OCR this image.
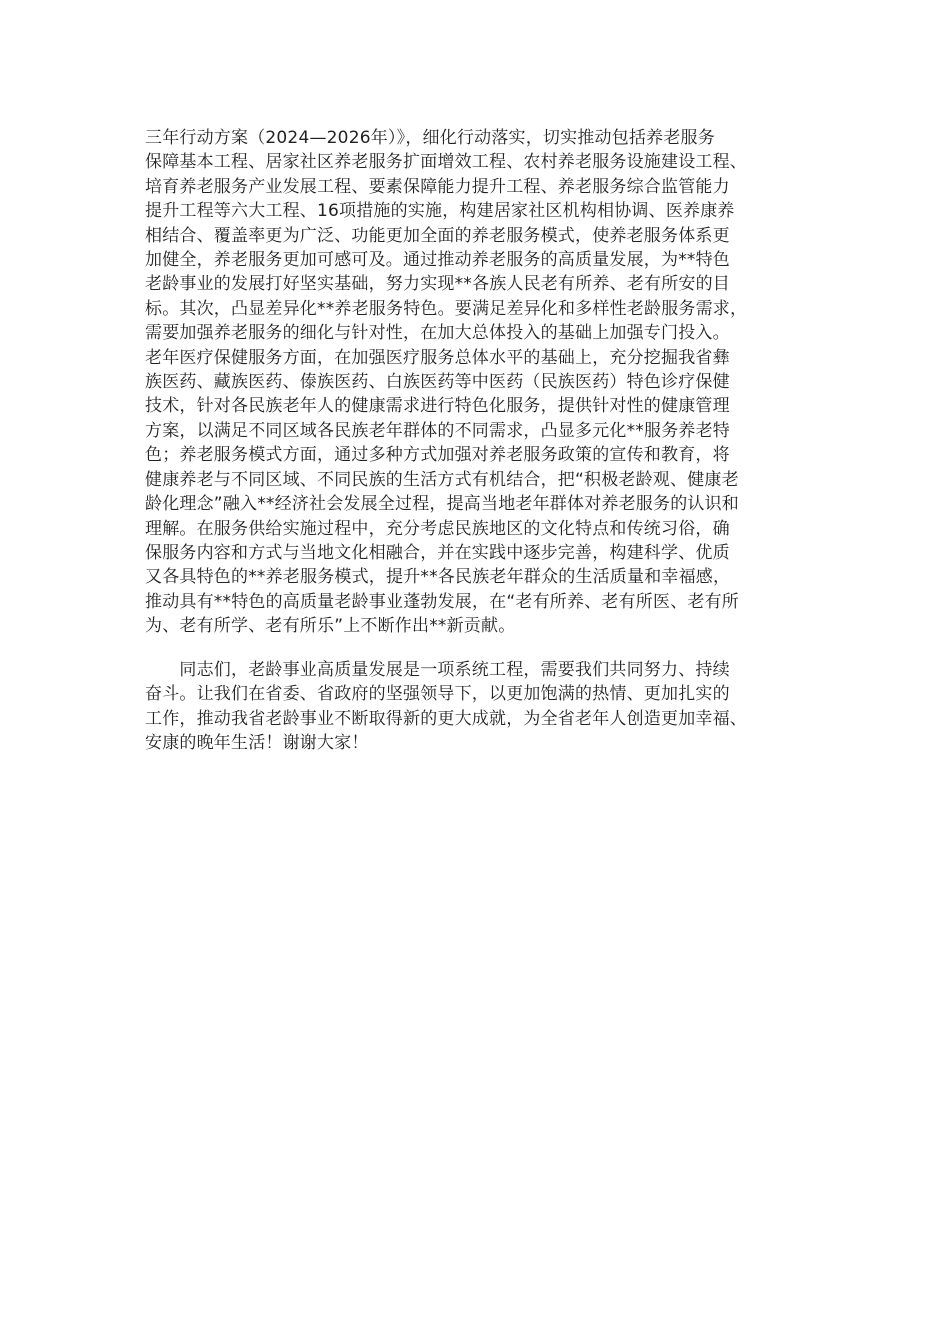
三年行动方案（2024—2026年）》，细化行动落实，切实推动包括养老服务
保障基本工程、居家社区养老服务扩面增效工程、农村养老服务设施建设工程、
培育养老服务产业发展工程、要素保障能力提升工程、养老服务综合监管能力
提升工程等六大工程、16项措施的实施，构建居家社区机构相协调、医养康养
相结合、覆盖率更为广泛、功能更加全面的养老服务模式，使养老服务体系更
加健全，养老服务更加可感可及。通过推动养老服务的高质量发展，为**特色
老龄事业的发展打好坚实基础，努力实现**各族人民老有所养、老有所安的目
标。其次，凸显差异化**养老服务特色。要满足差异化和多样性老龄服务需求，
需要加强养老服务的细化与针对性，在加大总体投入的基础上加强专门投入。
老年医疗保健服务方面，在加强医疗服务总体水平的基础上，充分挖掘我省彝
族医药、藏族医药、傣族医药、白族医药等中医药（民族医药）特色诊疗保健
技术，针对各民族老年人的健康需求进行特色化服务，提供针对性的健康管理
方案，以满足不同区域各民族老年群体的不同需求，凸显多元化**服务养老特
色；养老服务模式方面，通过多种方式加强对养老服务政策的宣传和教育，将
健康养老与不同区域、不同民族的生活方式有机结合，把“积极老龄观、健康老
龄化理念”融入**经济社会发展全过程，提高当地老年群体对养老服务的认识和
理解。在服务供给实施过程中，充分考虑民族地区的文化特点和传统习俗，确
保服务内容和方式与当地文化相融合，并在实践中逐步完善，构建科学、优质
又各具特色的**养老服务模式，提升**各民族老年群众的生活质量和幸福感，
推动具有**特色的高质量老龄事业蓬勃发展，在“老有所养、老有所医、老有所
为、老有所学、老有所乐”上不断作出**新贡献。
　　同志们，老龄事业高质量发展是一项系统工程，需要我们共同努力、持续
奋斗。让我们在省委、省政府的坚强领导下，以更加饱满的热情、更加扎实的
工作，推动我省老龄事业不断取得新的更大成就，为全省老年人创造更加幸福、
安康的晚年生活！谢谢大家！
